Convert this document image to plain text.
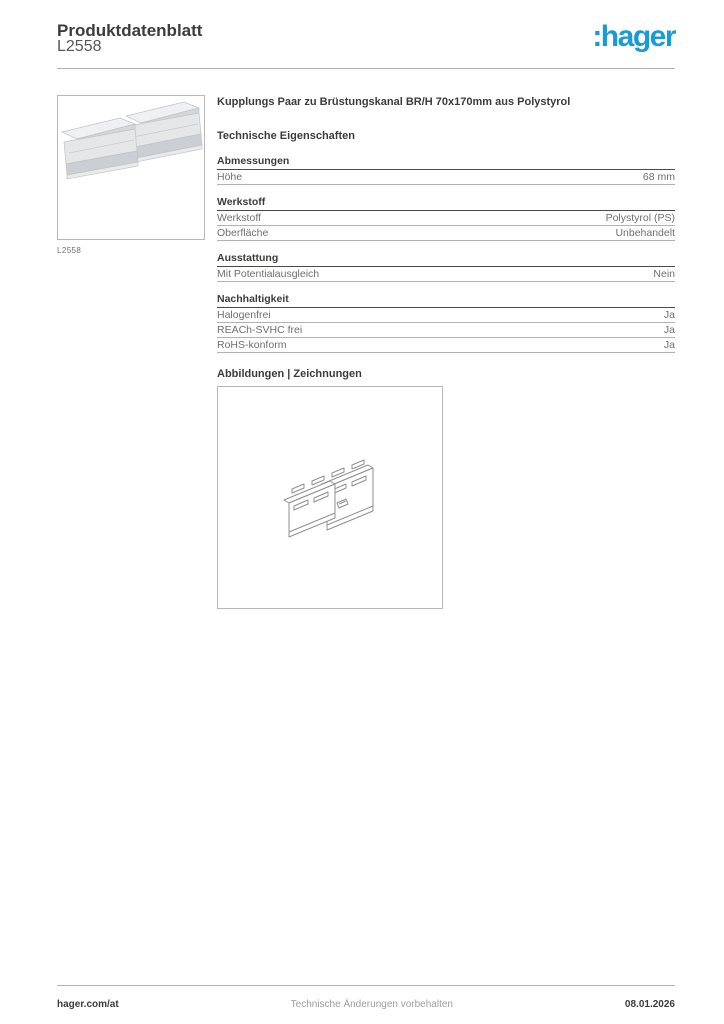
Produktdatenblatt
L2558	:hager
L2558
Kupplungs Paar zu Brüstungskanal BR/H 70x170mm aus Polystyrol
Technische Eigenschaften
Abmessungen
Höhe	68 mm
Werkstoff
Werkstoff	Polystyrol (PS)
Oberfläche	Unbehandelt
Ausstattung
Mit Potentialausgleich	Nein
Nachhaltigkeit
Halogenfrei	Ja
REACh-SVHC frei	Ja
RoHS-konform	Ja
Abbildungen | Zeichnungen
hager.com/at	Technische Änderungen vorbehalten	08.01.2026
